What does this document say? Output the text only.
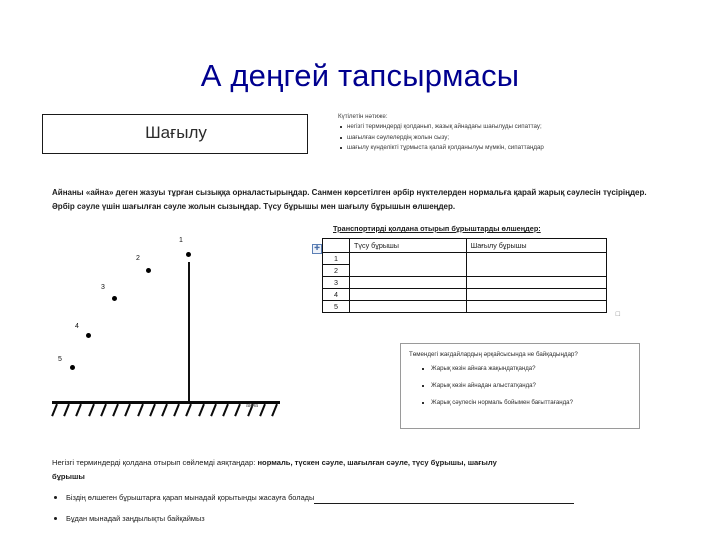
А деңгей тапсырмасы
Шағылу
Күтілетін нәтиже:
негізгі терминдерді қолданып, жазық айнадағы шағылуды сипаттау;
шағылған сәулелердің жолын сызу;
шағылу күнделікті тұрмыста қалай қолданылуы мүмкін, сипаттаңдар
Айнаны «айна» деген жазуы тұрған сызыққа орналастырыңдар. Санмен көрсетілген әрбір нүктелерден нормальға қарай жарық сәулесін түсіріңдер. Әрбір сәуле үшін шағылған сәуле жолын сызыңдар. Түсу бұрышы мен шағылу бұрышын өлшеңдер.
1
2
3
4
5
айна
Транспортирді қолдана отырып бұрыштарды өлшеңдер:
✚
		Түсу бұрышы	Шағылу бұрышы
1		
2		
3		
4		
5		
□
Төмендегі жағдайлардың әрқайсысында не байқадыңдар?
Жарық көзін айнаға жақындатқанда?
Жарық көзін айнадан алыстатқанда?
Жарық сәулесін нормаль бойымен бағыттағанда?
Негізгі терминдерді қолдана отырып сөйлемді аяқтаңдар: нормаль, түскен сәуле, шағылған сәуле, түсу бұрышы, шағылу
бұрышы
Біздің өлшеген бұрыштарға қарап мынадай қорытынды жасауға болады
Бұдан мынадай заңдылықты байқаймыз
